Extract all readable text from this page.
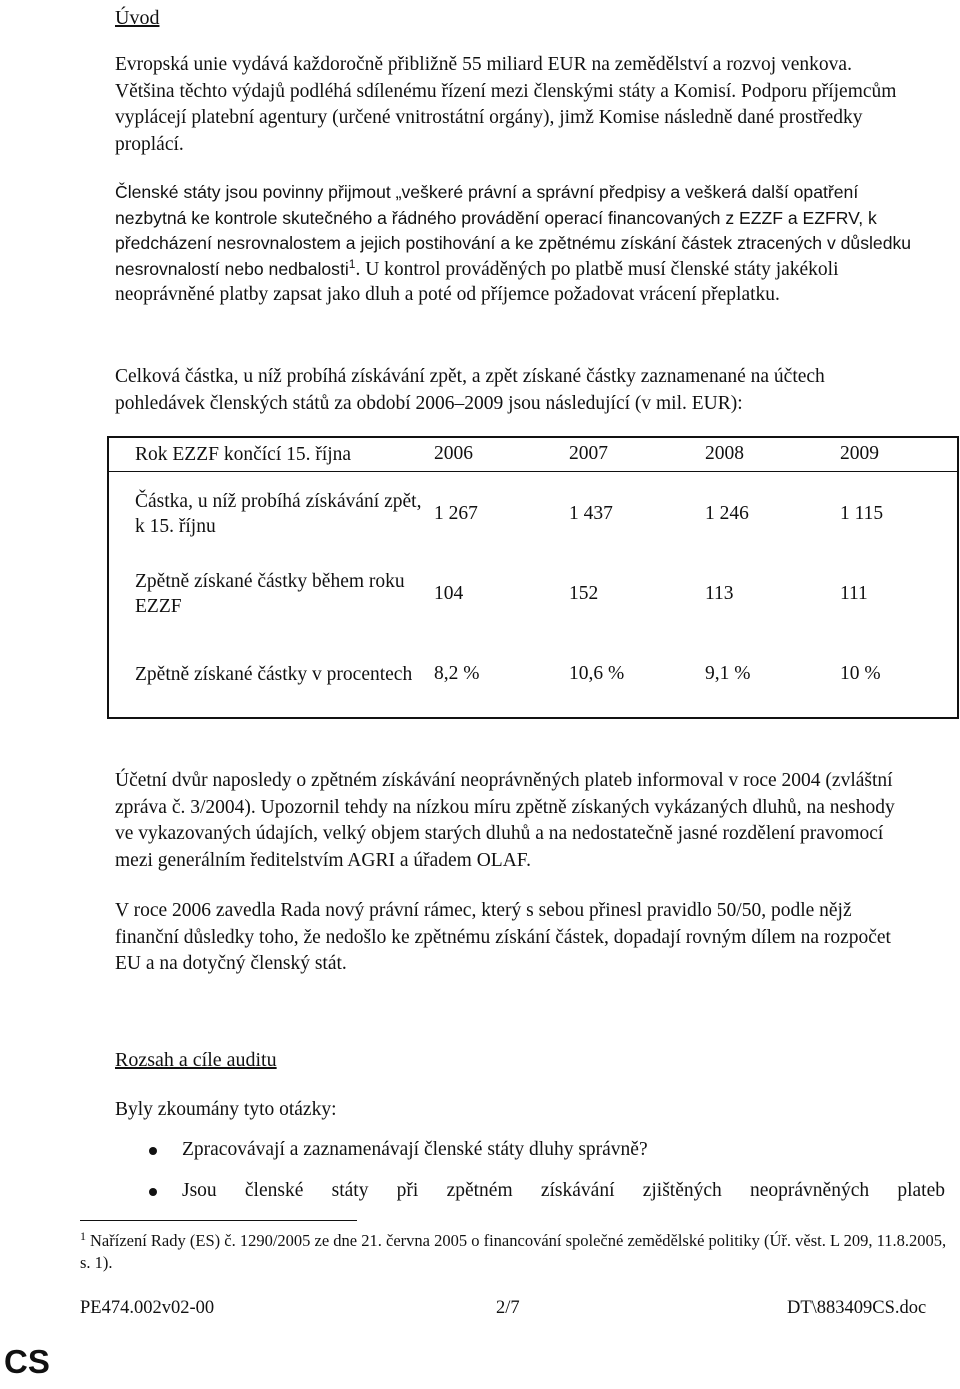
Úvod

Evropská unie vydává každoročně přibližně 55 miliard EUR na zemědělství a rozvoj venkova. Většina těchto výdajů podléhá sdílenému řízení mezi členskými státy a Komisí. Podporu příjemcům vyplácejí platební agentury (určené vnitrostátní orgány), jimž Komise následně dané prostředky proplácí.

Členské státy jsou povinny přijmout „veškeré právní a správní předpisy a veškerá další opatření nezbytná ke kontrole skutečného a řádného provádění operací financovaných z EZZF a EZFRV, k předcházení nesrovnalostem a jejich postihování a ke zpětnému získání částek ztracených v důsledku nesrovnalostí nebo nedbalosti$^1$. U kontrol prováděných po platbě musí členské státy jakékoli neoprávněné platby zapsat jako dluh a poté od příjemce požadovat vrácení přeplatku.

Celková částka, u níž probíhá získávání zpět, a zpět získané částky zaznamenané na účtech pohledávek členských států za období 2006–2009 jsou následující (v mil. EUR):

Rok EZZF končící 15. října	2006	2007	2008	2009
Částka, u níž probíhá získávání zpět, k 15. říjnu	1 267	1 437	1 246	1 115
Zpětně získané částky během roku EZZF	104	152	113	111
Zpětně získané částky v procentech	8,2 %	10,6 %	9,1 %	10 %

Účetní dvůr naposledy o zpětném získávání neoprávněných plateb informoval v roce 2004 (zvláštní zpráva č. 3/2004). Upozornil tehdy na nízkou míru zpětně získaných vykázaných dluhů, na neshody ve vykazovaných údajích, velký objem starých dluhů a na nedostatečně jasné rozdělení pravomocí mezi generálním ředitelstvím AGRI a úřadem OLAF.

V roce 2006 zavedla Rada nový právní rámec, který s sebou přinesl pravidlo 50/50, podle nějž finanční důsledky toho, že nedošlo ke zpětnému získání částek, dopadají rovným dílem na rozpočet EU a na dotyčný členský stát.

Rozsah a cíle auditu

Byly zkoumány tyto otázky:

Zpracovávají a zaznamenávají členské státy dluhy správně?
Jsou členské státy při zpětném získávání zjištěných neoprávněných plateb

$^1$ Nařízení Rady (ES) č. 1290/2005 ze dne 21. června 2005 o financování společné zemědělské politiky (Úř. věst. L 209, 11.8.2005, s. 1).

PE474.002v02-00	2/7	DT\883409CS.doc
CS
